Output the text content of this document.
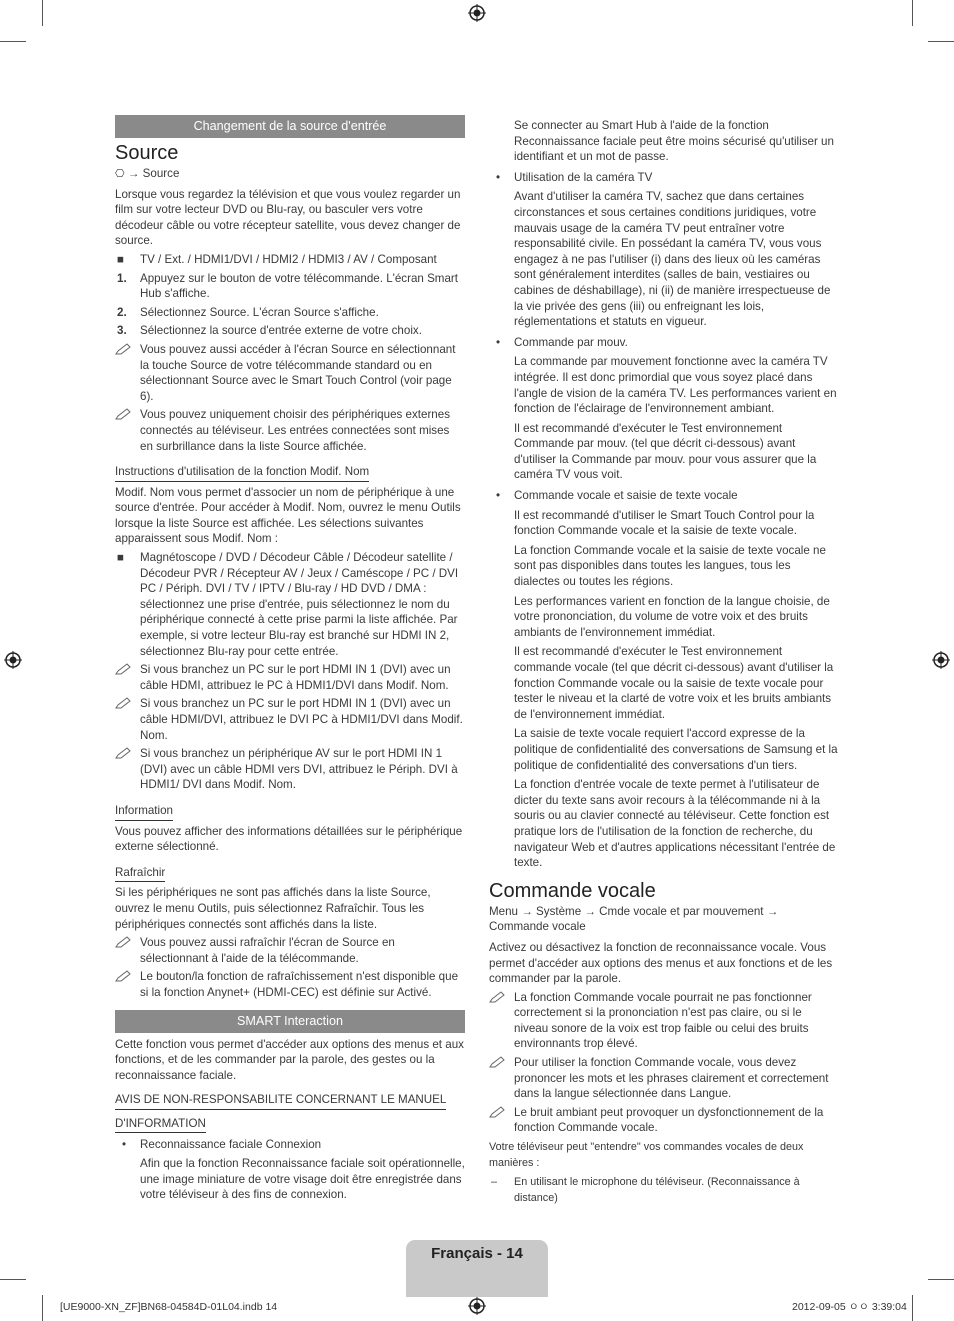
Changement de la source d'entrée
Source

⎔ → Source

Lorsque vous regardez la télévision et que vous voulez regarder un film sur votre lecteur DVD ou Blu-ray, ou basculer vers votre décodeur câble ou votre récepteur satellite, vous devez changer de source.

■ TV / Ext. / HDMI1/DVI / HDMI2 / HDMI3 / AV / Composant
1. Appuyez sur le bouton de votre télécommande. L'écran Smart Hub s'affiche.
2. Sélectionnez Source. L'écran Source s'affiche.
3. Sélectionnez la source d'entrée externe de votre choix.
Vous pouvez aussi accéder à l'écran Source en sélectionnant la touche Source de votre télécommande standard ou en sélectionnant Source avec le Smart Touch Control (voir page 6).
Vous pouvez uniquement choisir des périphériques externes connectés au téléviseur. Les entrées connectées sont mises en surbrillance dans la liste Source affichée.

Instructions d'utilisation de la fonction Modif. Nom

Modif. Nom vous permet d'associer un nom de périphérique à une source d'entrée. Pour accéder à Modif. Nom, ouvrez le menu Outils lorsque la liste Source est affichée. Les sélections suivantes apparaissent sous Modif. Nom :

■ Magnétoscope / DVD / Décodeur Câble / Décodeur satellite / Décodeur PVR / Récepteur AV / Jeux / Caméscope / PC / DVI PC / Périph. DVI / TV / IPTV / Blu-ray / HD DVD / DMA : sélectionnez une prise d'entrée, puis sélectionnez le nom du périphérique connecté à cette prise parmi la liste affichée. Par exemple, si votre lecteur Blu-ray est branché sur HDMI IN 2, sélectionnez Blu-ray pour cette entrée.
Si vous branchez un PC sur le port HDMI IN 1 (DVI) avec un câble HDMI, attribuez le PC à HDMI1/DVI dans Modif. Nom.
Si vous branchez un PC sur le port HDMI IN 1 (DVI) avec un câble HDMI/DVI, attribuez le DVI PC à HDMI1/DVI dans Modif. Nom.
Si vous branchez un périphérique AV sur le port HDMI IN 1 (DVI) avec un câble HDMI vers DVI, attribuez le Périph. DVI à HDMI1/ DVI dans Modif. Nom.

Information

Vous pouvez afficher des informations détaillées sur le périphérique externe sélectionné.

Rafraîchir

Si les périphériques ne sont pas affichés dans la liste Source, ouvrez le menu Outils, puis sélectionnez Rafraîchir. Tous les périphériques connectés sont affichés dans la liste.

Vous pouvez aussi rafraîchir l'écran de Source en sélectionnant à l'aide de la télécommande.
Le bouton/la fonction de rafraîchissement n'est disponible que si la fonction Anynet+ (HDMI-CEC) est définie sur Activé.
SMART Interaction

Cette fonction vous permet d'accéder aux options des menus et aux fonctions, et de les commander par la parole, des gestes ou la reconnaissance faciale.

AVIS DE NON-RESPONSABILITE CONCERNANT LE MANUEL

D'INFORMATION

• Reconnaissance faciale Connexion

Afin que la fonction Reconnaissance faciale soit opérationnelle, une image miniature de votre visage doit être enregistrée dans votre téléviseur à des fins de connexion.

Se connecter au Smart Hub à l'aide de la fonction Reconnaissance faciale peut être moins sécurisé qu'utiliser un identifiant et un mot de passe.

• Utilisation de la caméra TV

Avant d'utiliser la caméra TV, sachez que dans certaines circonstances et sous certaines conditions juridiques, votre mauvais usage de la caméra TV peut entraîner votre responsabilité civile. En possédant la caméra TV, vous vous engagez à ne pas l'utiliser (i) dans des lieux où les caméras sont généralement interdites (salles de bain, vestiaires ou cabines de déshabillage), ni (ii) de manière irrespectueuse de la vie privée des gens (iii) ou enfreignant les lois, réglementations et statuts en vigueur.

• Commande par mouv.

La commande par mouvement fonctionne avec la caméra TV intégrée. Il est donc primordial que vous soyez placé dans l'angle de vision de la caméra TV. Les performances varient en fonction de l'éclairage de l'environnement ambiant.

Il est recommandé d'exécuter le Test environnement Commande par mouv. (tel que décrit ci-dessous) avant d'utiliser la Commande par mouv. pour vous assurer que la caméra TV vous voit.

• Commande vocale et saisie de texte vocale

Il est recommandé d'utiliser le Smart Touch Control pour la fonction Commande vocale et la saisie de texte vocale.

La fonction Commande vocale et la saisie de texte vocale ne sont pas disponibles dans toutes les langues, tous les dialectes ou toutes les régions.

Les performances varient en fonction de la langue choisie, de votre prononciation, du volume de votre voix et des bruits ambiants de l'environnement immédiat.

Il est recommandé d'exécuter le Test environnement commande vocale (tel que décrit ci-dessous) avant d'utiliser la fonction Commande vocale ou la saisie de texte vocale pour tester le niveau et la clarté de votre voix et les bruits ambiants de l'environnement immédiat.

La saisie de texte vocale requiert l'accord expresse de la politique de confidentialité des conversations de Samsung et la politique de confidentialité des conversations d'un tiers.

La fonction d'entrée vocale de texte permet à l'utilisateur de dicter du texte sans avoir recours à la télécommande ni à la souris ou au clavier connecté au téléviseur. Cette fonction est pratique lors de l'utilisation de la fonction de recherche, du navigateur Web et d'autres applications nécessitant l'entrée de texte.

Commande vocale

Menu → Système → Cmde vocale et par mouvement → Commande vocale

Activez ou désactivez la fonction de reconnaissance vocale. Vous permet d'accéder aux options des menus et aux fonctions et de les commander par la parole.

La fonction Commande vocale pourrait ne pas fonctionner correctement si la prononciation n'est pas claire, ou si le niveau sonore de la voix est trop faible ou celui des bruits environnants trop élevé.
Pour utiliser la fonction Commande vocale, vous devez prononcer les mots et les phrases clairement et correctement dans la langue sélectionnée dans Langue.
Le bruit ambiant peut provoquer un dysfonctionnement de la fonction Commande vocale.

Votre téléviseur peut "entendre" vos commandes vocales de deux manières :

– En utilisant le microphone du téléviseur. (Reconnaissance à distance)
Français - 14
[UE9000-XN_ZF]BN68-04584D-01L04.indb 14	2012-09-05 ㅇㅇ 3:39:04
